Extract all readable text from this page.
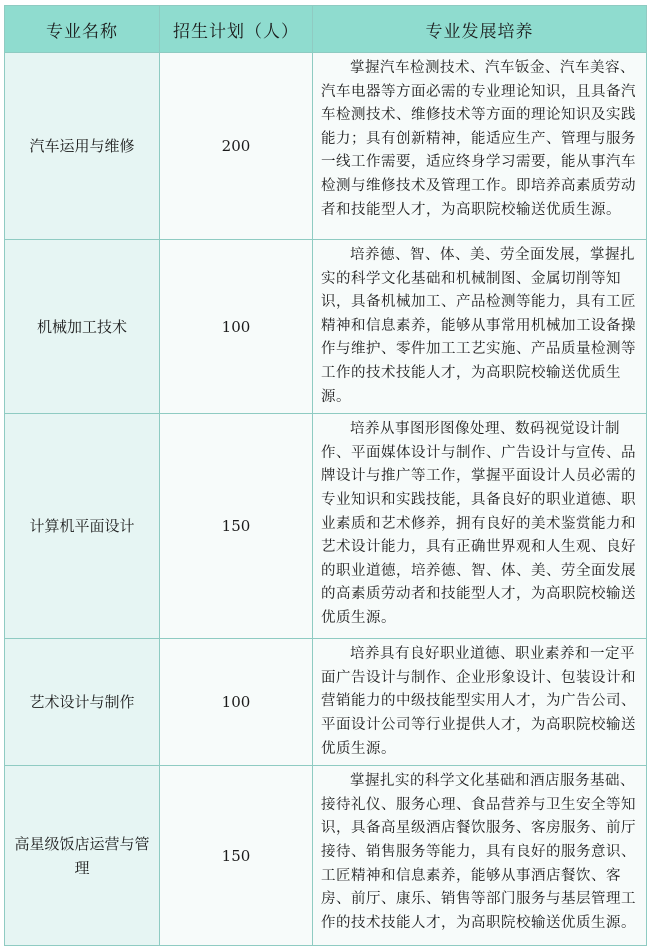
专业名称	招生计划（人）	专业发展培养
汽车运用与维修	200	掌握汽车检测技术、汽车钣金、汽车美容、汽车电器等方面必需的专业理论知识，且具备汽车检测技术、维修技术等方面的理论知识及实践能力；具有创新精神，能适应生产、管理与服务一线工作需要，适应终身学习需要，能从事汽车检测与维修技术及管理工作。即培养高素质劳动者和技能型人才，为高职院校输送优质生源。
机械加工技术	100	培养德、智、体、美、劳全面发展，掌握扎实的科学文化基础和机械制图、金属切削等知识，具备机械加工、产品检测等能力，具有工匠精神和信息素养，能够从事常用机械加工设备操作与维护、零件加工工艺实施、产品质量检测等工作的技术技能人才，为高职院校输送优质生源。
计算机平面设计	150	培养从事图形图像处理、数码视觉设计制作、平面媒体设计与制作、广告设计与宣传、品牌设计与推广等工作，掌握平面设计人员必需的专业知识和实践技能，具备良好的职业道德、职业素质和艺术修养，拥有良好的美术鉴赏能力和艺术设计能力，具有正确世界观和人生观、良好的职业道德，培养德、智、体、美、劳全面发展的高素质劳动者和技能型人才，为高职院校输送优质生源。
艺术设计与制作	100	培养具有良好职业道德、职业素养和一定平面广告设计与制作、企业形象设计、包装设计和营销能力的中级技能型实用人才，为广告公司、平面设计公司等行业提供人才，为高职院校输送优质生源。
高星级饭店运营与管理	150	掌握扎实的科学文化基础和酒店服务基础、接待礼仪、服务心理、食品营养与卫生安全等知识，具备高星级酒店餐饮服务、客房服务、前厅接待、销售服务等能力，具有良好的服务意识、工匠精神和信息素养，能够从事酒店餐饮、客房、前厅、康乐、销售等部门服务与基层管理工作的技术技能人才，为高职院校输送优质生源。
